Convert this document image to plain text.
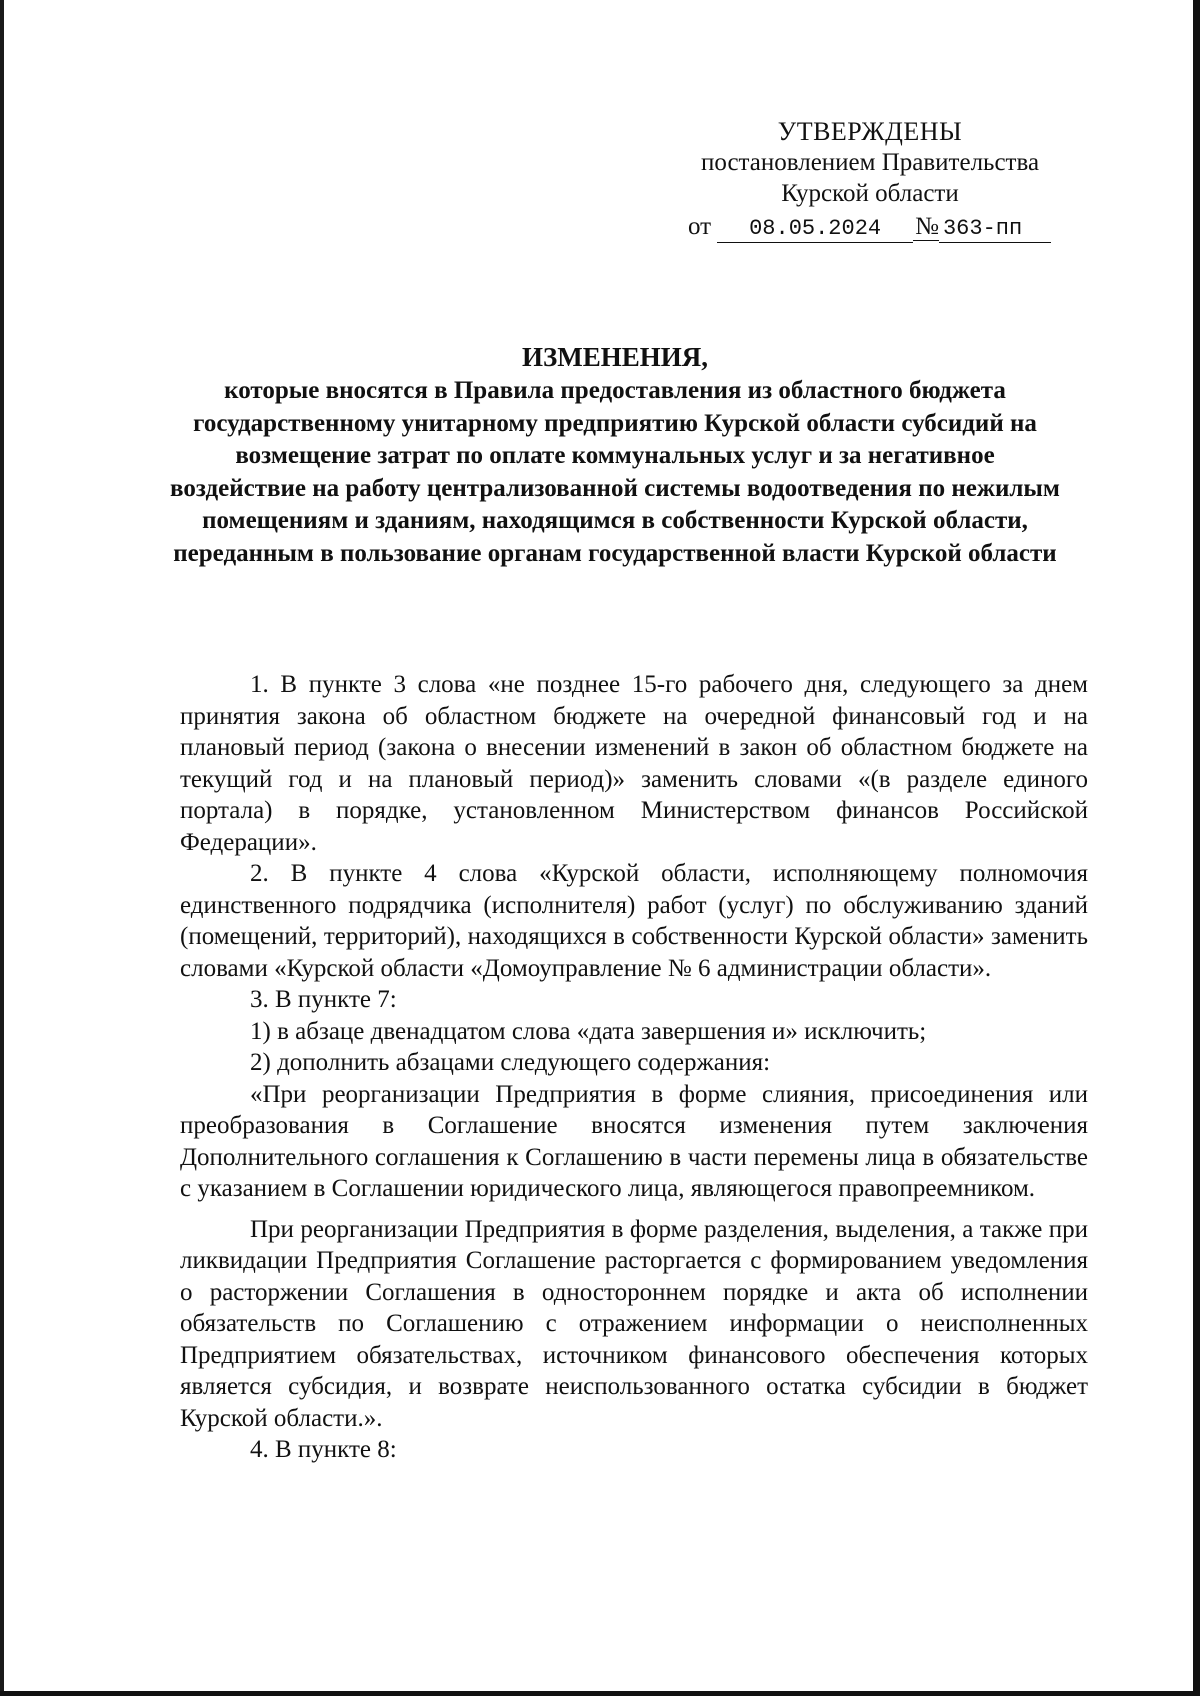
УТВЕРЖДЕНЫ
постановлением Правительства
Курской области
от 08.05.2024 № 363-пп
ИЗМЕНЕНИЯ,
которые вносятся в Правила предоставления из областного бюджета государственному унитарному предприятию Курской области субсидий на возмещение затрат по оплате коммунальных услуг и за негативное воздействие на работу централизованной системы водоотведения по нежилым помещениям и зданиям, находящимся в собственности Курской области, переданным в пользование органам государственной власти Курской области

1. В пункте 3 слова «не позднее 15-го рабочего дня, следующего за днем принятия закона об областном бюджете на очередной финансовый год и на плановый период (закона о внесении изменений в закон об областном бюджете на текущий год и на плановый период)» заменить словами «(в разделе единого портала) в порядке, установленном Министерством финансов Российской Федерации».

2. В пункте 4 слова «Курской области, исполняющему полномочия единственного подрядчика (исполнителя) работ (услуг) по обслуживанию зданий (помещений, территорий), находящихся в собственности Курской области» заменить словами «Курской области «Домоуправление № 6 администрации области».

3. В пункте 7:

1) в абзаце двенадцатом слова «дата завершения и» исключить;

2) дополнить абзацами следующего содержания:

«При реорганизации Предприятия в форме слияния, присоединения или преобразования в Соглашение вносятся изменения путем заключения Дополнительного соглашения к Соглашению в части перемены лица в обязательстве с указанием в Соглашении юридического лица, являющегося правопреемником.

При реорганизации Предприятия в форме разделения, выделения, а также при ликвидации Предприятия Соглашение расторгается с формированием уведомления о расторжении Соглашения в одностороннем порядке и акта об исполнении обязательств по Соглашению с отражением информации о неисполненных Предприятием обязательствах, источником финансового обеспечения которых является субсидия, и возврате неиспользованного остатка субсидии в бюджет Курской области.».

4. В пункте 8:
